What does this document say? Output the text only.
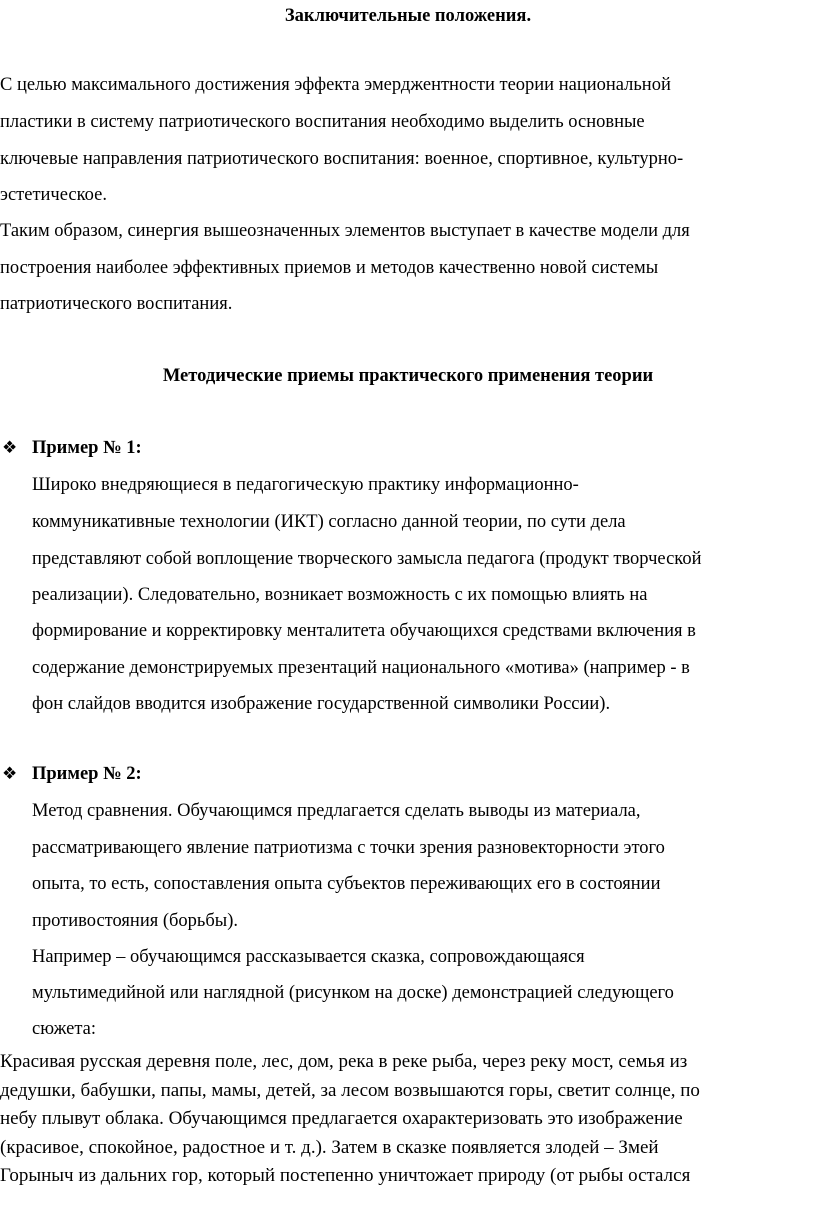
Заключительные положения.
С целью максимального достижения эффекта эмерджентности теории национальной
пластики в систему патриотического воспитания необходимо выделить основные
ключевые направления патриотического воспитания: военное, спортивное, культурно-
эстетическое.
Таким образом, синергия вышеозначенных элементов выступает в качестве модели для
построения наиболее эффективных приемов и методов качественно новой системы
патриотического воспитания.
Методические приемы практического применения теории
❖ Пример № 1:
Широко внедряющиеся в педагогическую практику информационно-
коммуникативные технологии (ИКТ) согласно данной теории, по сути дела
представляют собой воплощение творческого замысла педагога (продукт творческой
реализации). Следовательно, возникает возможность с их помощью влиять на
формирование и корректировку менталитета обучающихся средствами включения в
содержание демонстрируемых презентаций национального «мотива» (например - в
фон слайдов вводится изображение государственной символики России).
❖ Пример № 2:
Метод сравнения. Обучающимся предлагается сделать выводы из материала,
рассматривающего явление патриотизма с точки зрения разновекторности этого
опыта, то есть, сопоставления опыта субъектов переживающих его в состоянии
противостояния (борьбы).
Например – обучающимся рассказывается сказка, сопровождающаяся
мультимедийной или наглядной (рисунком на доске) демонстрацией следующего
сюжета:
Красивая русская деревня поле, лес, дом, река в реке рыба, через реку мост, семья из
дедушки, бабушки, папы, мамы, детей, за лесом возвышаются горы, светит солнце, по
небу плывут облака. Обучающимся предлагается охарактеризовать это изображение
(красивое, спокойное, радостное и т. д.). Затем в сказке появляется злодей – Змей
Горыныч из дальних гор, который постепенно уничтожает природу (от рыбы остался
